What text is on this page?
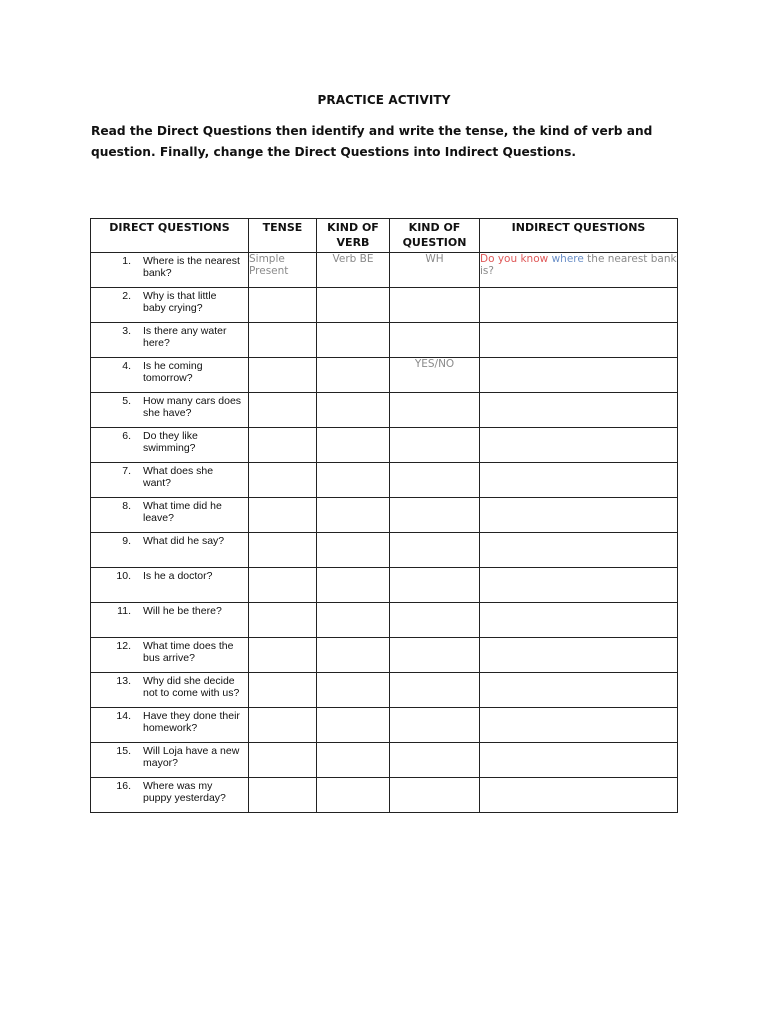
PRACTICE ACTIVITY
Read the Direct Questions then identify and write the tense, the kind of verb and question. Finally, change the Direct Questions into Indirect Questions.
DIRECT QUESTIONS	TENSE	KIND OF VERB	KIND OF QUESTION	INDIRECT QUESTIONS

1. Where is the nearest bank?	Simple Present	Verb BE	WH	Do you know where the nearest bank is?

2. Why is that little baby crying?				

3. Is there any water here?				

4. Is he coming tomorrow?			YES/NO	

5. How many cars does she have?				

6. Do they like swimming?				

7. What does she want?				

8. What time did he leave?				

9. What did he say?				

10. Is he a doctor?				

11. Will he be there?				

12. What time does the bus arrive?				

13. Why did she decide not to come with us?				

14. Have they done their homework?				

15. Will Loja have a new mayor?				

16. Where was my puppy yesterday?				
